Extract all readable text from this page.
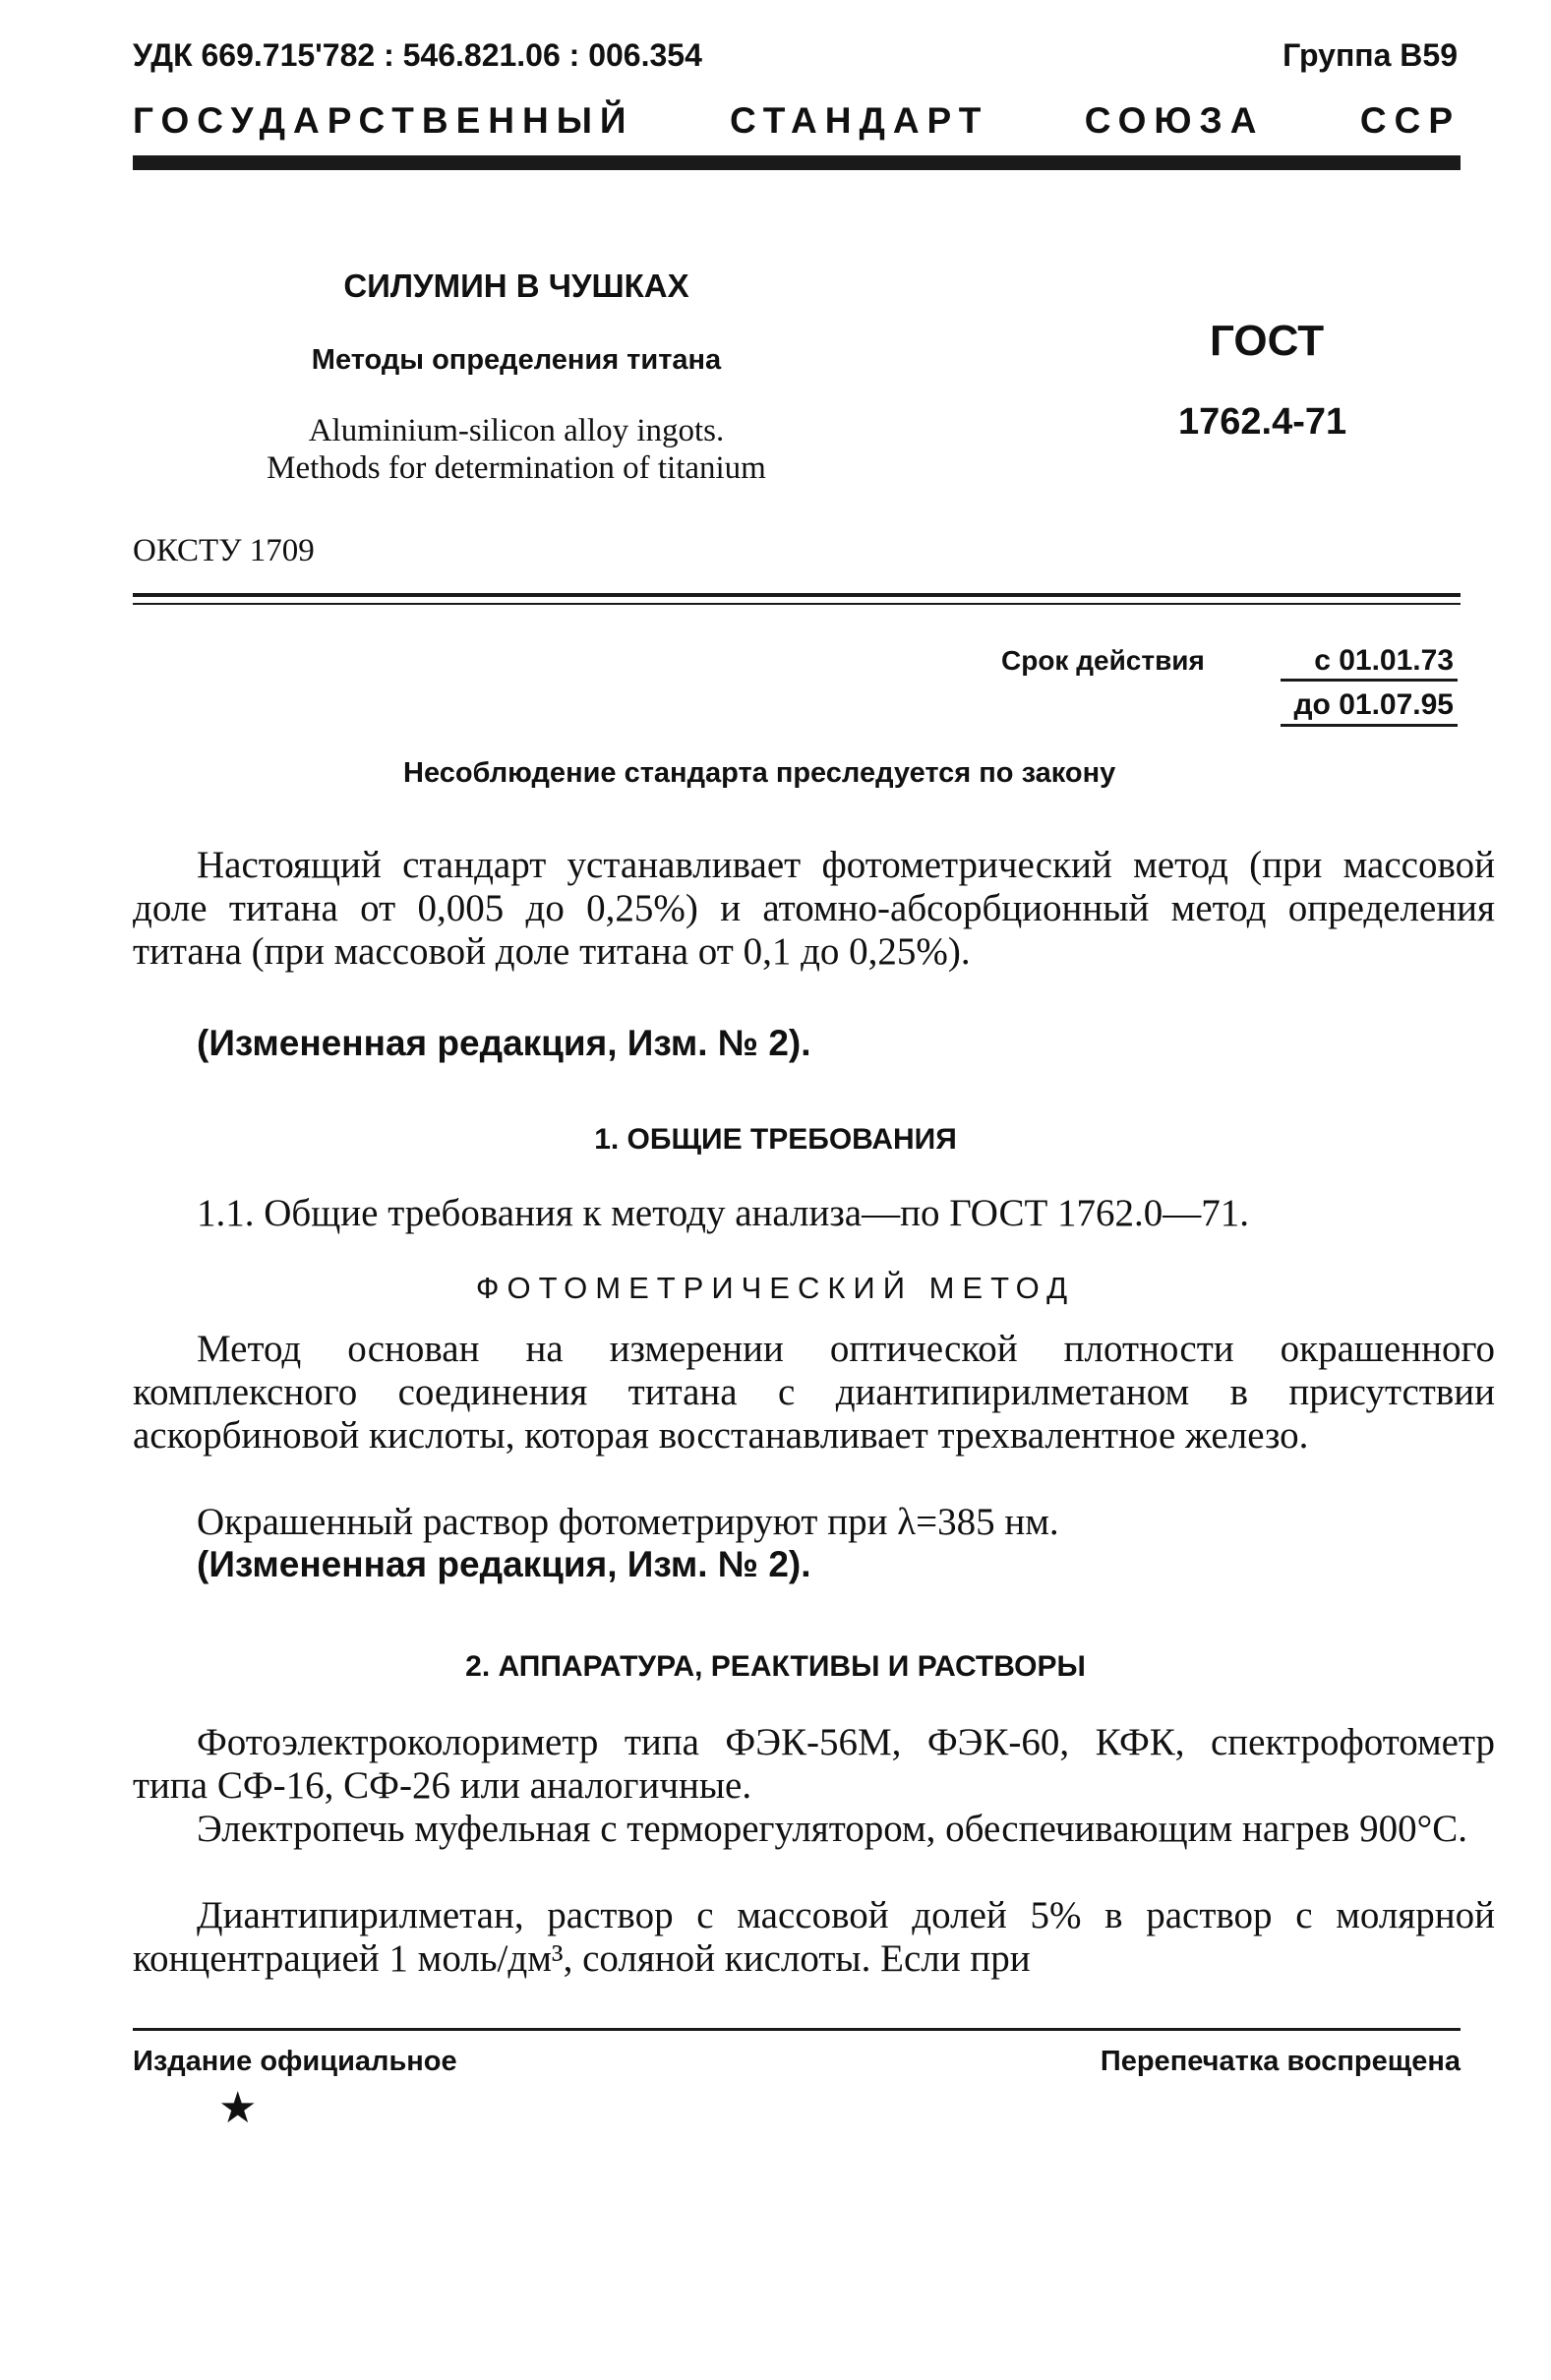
УДК 669.715'782 : 546.821.06 : 006.354	Группа В59
ГОСУДАРСТВЕННЫЙ	СТАНДАРТ	СОЮЗА	ССР
СИЛУМИН В ЧУШКАХ
Методы определения титана
Aluminium-silicon alloy ingots.
Methods for determination of titanium
ГОСТ
1762.4-71
ОКСТУ 1709
Срок действия	с 01.01.73
до 01.07.95
Несоблюдение стандарта преследуется по закону
Настоящий стандарт устанавливает фотометрический метод (при массовой доле титана от 0,005 до 0,25%) и атомно-абсорбционный метод определения титана (при массовой доле титана от 0,1 до 0,25%).
(Измененная редакция, Изм. № 2).
1. ОБЩИЕ ТРЕБОВАНИЯ
1.1. Общие требования к методу анализа—по ГОСТ 1762.0—71.
ФОТОМЕТРИЧЕСКИЙ МЕТОД
Метод основан на измерении оптической плотности окрашенного комплексного соединения титана с диантипирилметаном в присутствии аскорбиновой кислоты, которая восстанавливает трехвалентное железо.
Окрашенный раствор фотометрируют при λ=385 нм.
(Измененная редакция, Изм. № 2).
2. АППАРАТУРА, РЕАКТИВЫ И РАСТВОРЫ
Фотоэлектроколориметр типа ФЭК-56М, ФЭК-60, КФК, спектрофотометр типа СФ-16, СФ-26 или аналогичные.
Электропечь муфельная с терморегулятором, обеспечивающим нагрев 900°С.
Диантипирилметан, раствор с массовой долей 5% в раствор с молярной концентрацией 1 моль/дм³, соляной кислоты. Если при
Издание официальное	Перепечатка воспрещена
★
